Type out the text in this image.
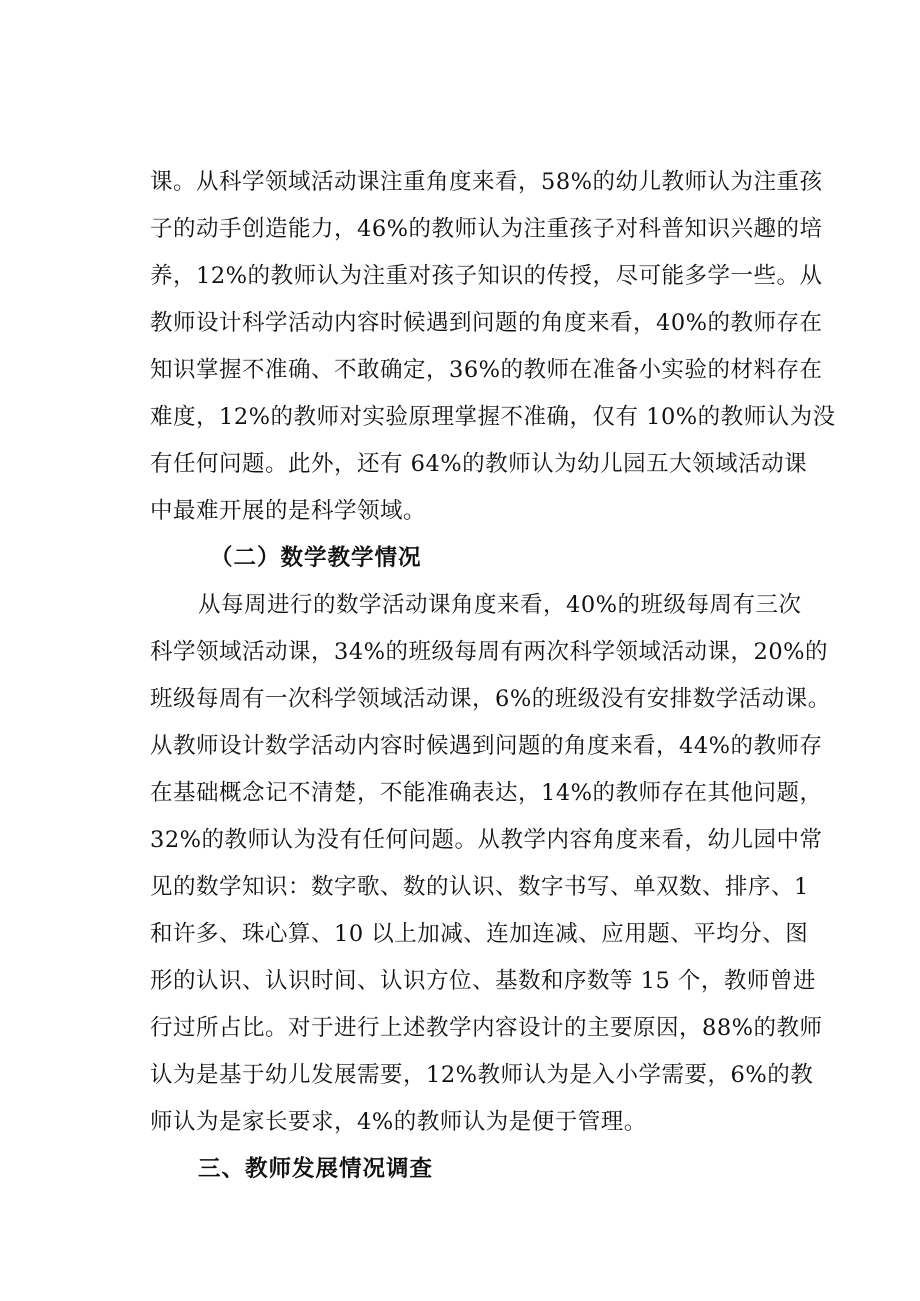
课。从科学领域活动课注重角度来看，58%的幼儿教师认为注重孩
子的动手创造能力，46%的教师认为注重孩子对科普知识兴趣的培
养，12%的教师认为注重对孩子知识的传授，尽可能多学一些。从
教师设计科学活动内容时候遇到问题的角度来看，40%的教师存在
知识掌握不准确、不敢确定，36%的教师在准备小实验的材料存在
难度，12%的教师对实验原理掌握不准确，仅有 10%的教师认为没
有任何问题。此外，还有 64%的教师认为幼儿园五大领域活动课
中最难开展的是科学领域。
（二）数学教学情况
从每周进行的数学活动课角度来看，40%的班级每周有三次
科学领域活动课，34%的班级每周有两次科学领域活动课，20%的
班级每周有一次科学领域活动课，6%的班级没有安排数学活动课。
从教师设计数学活动内容时候遇到问题的角度来看，44%的教师存
在基础概念记不清楚，不能准确表达，14%的教师存在其他问题，
32%的教师认为没有任何问题。从教学内容角度来看，幼儿园中常
见的数学知识：数字歌、数的认识、数字书写、单双数、排序、1
和许多、珠心算、10 以上加减、连加连减、应用题、平均分、图
形的认识、认识时间、认识方位、基数和序数等 15 个，教师曾进
行过所占比。对于进行上述教学内容设计的主要原因，88%的教师
认为是基于幼儿发展需要，12%教师认为是入小学需要，6%的教
师认为是家长要求，4%的教师认为是便于管理。
三、教师发展情况调查
